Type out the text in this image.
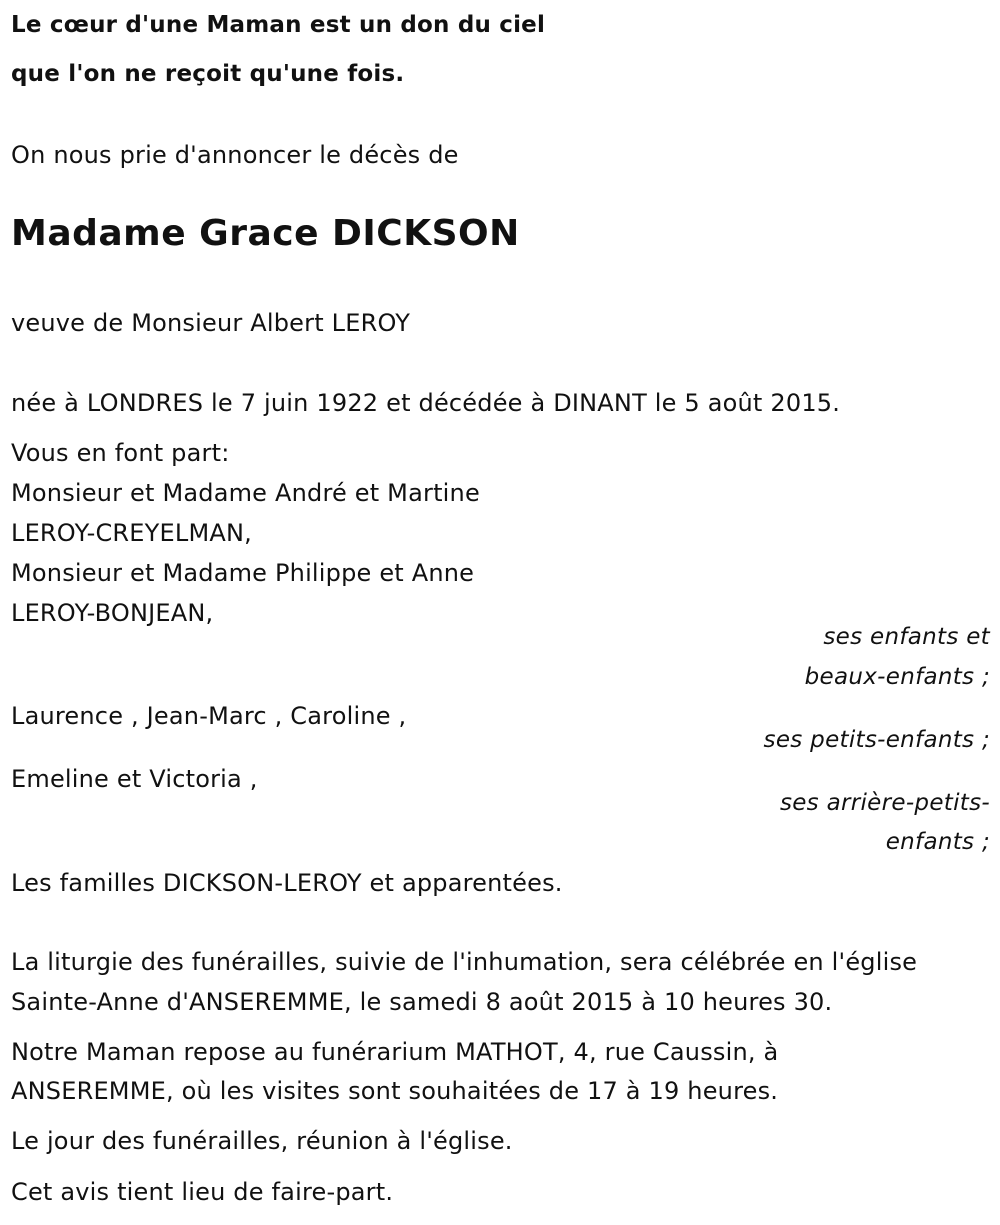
Le cœur d'une Maman est un don du ciel
que l'on ne reçoit qu'une fois.
On nous prie d'annoncer le décès de
Madame Grace DICKSON
veuve de Monsieur Albert LEROY
née à LONDRES le 7 juin 1922 et décédée à DINANT le 5 août 2015.
Vous en font part:
Monsieur et Madame André et Martine
LEROY-CREYELMAN,
Monsieur et Madame Philippe et Anne
LEROY-BONJEAN,
ses enfants et
beaux-enfants ;
Laurence , Jean-Marc , Caroline ,
ses petits-enfants ;
Emeline et Victoria ,
ses arrière-petits-
enfants ;
Les familles DICKSON-LEROY et apparentées.
La liturgie des funérailles, suivie de l'inhumation, sera célébrée en l'église
Sainte-Anne d'ANSEREMME, le samedi 8 août 2015 à 10 heures 30.
Notre Maman repose au funérarium MATHOT, 4, rue Caussin, à
ANSEREMME, où les visites sont souhaitées de 17 à 19 heures.
Le jour des funérailles, réunion à l'église.
Cet avis tient lieu de faire-part.
